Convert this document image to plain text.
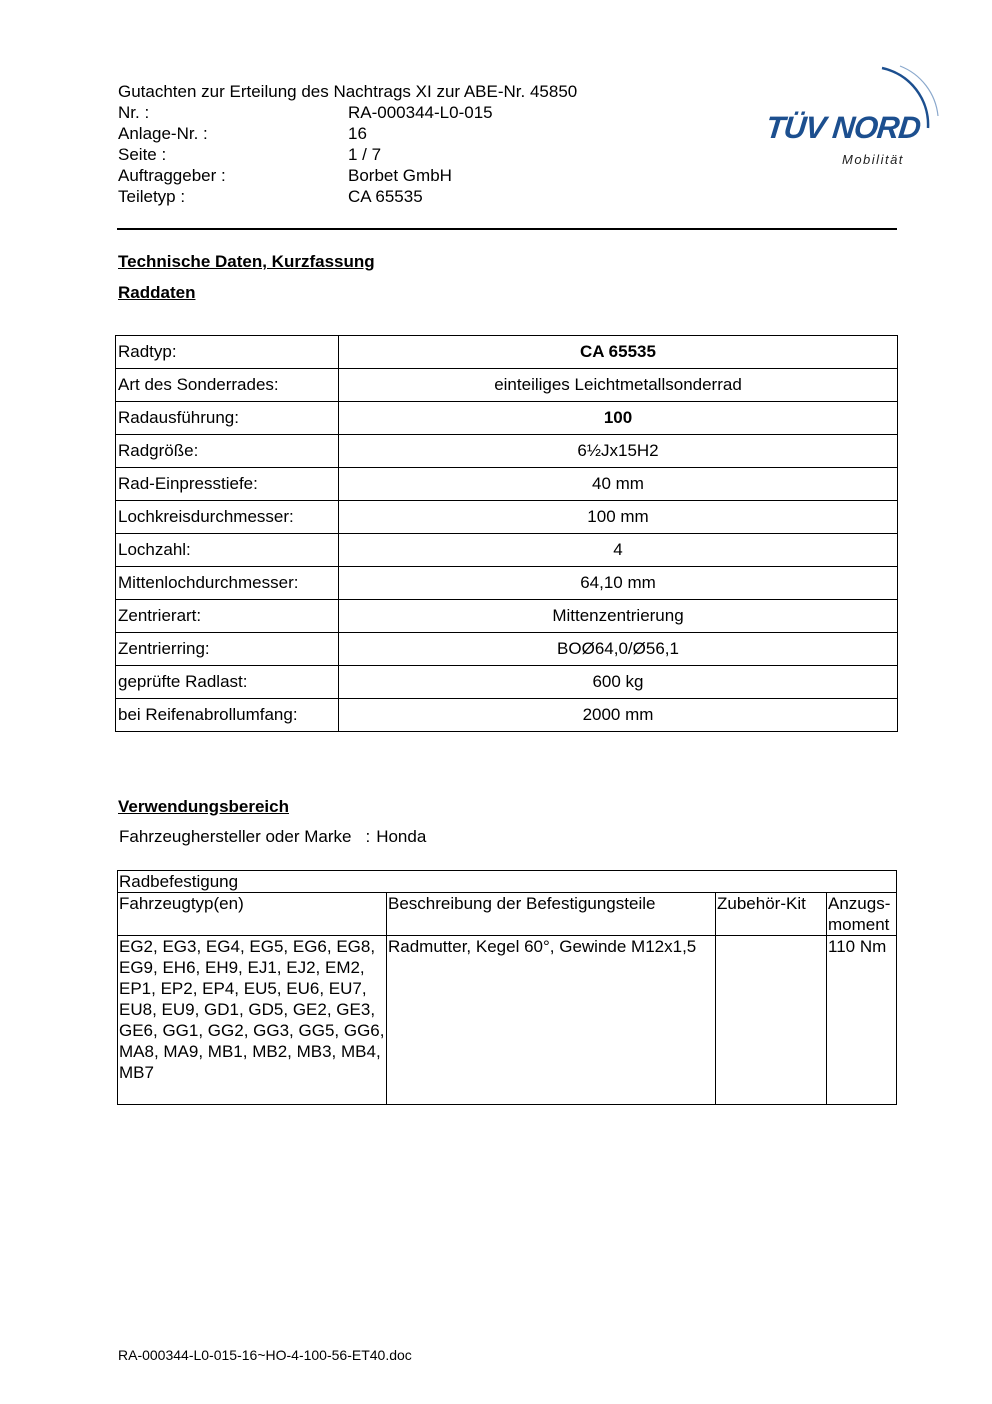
Gutachten zur Erteilung des Nachtrags XI zur ABE-Nr. 45850
Nr. :	RA-000344-L0-015
Anlage-Nr. :	16
Seite :	1 / 7
Auftraggeber :	Borbet GmbH
Teiletyp :	CA 65535
TÜV NORD
Mobilität
Technische Daten, Kurzfassung
Raddaten
Radtyp:	CA 65535
Art des Sonderrades:	einteiliges Leichtmetallsonderrad
Radausführung:	100
Radgröße:	6½Jx15H2
Rad-Einpresstiefe:	40 mm
Lochkreisdurchmesser:	100 mm
Lochzahl:	4
Mittenlochdurchmesser:	64,10 mm
Zentrierart:	Mittenzentrierung
Zentrierring:	BOØ64,0/Ø56,1
geprüfte Radlast:	600 kg
bei Reifenabrollumfang:	2000 mm
Verwendungsbereich
Fahrzeughersteller oder Marke : Honda
Radbefestigung			
Fahrzeugtyp(en)	Beschreibung der Befestigungsteile	Zubehör-Kit	Anzugs-moment
EG2, EG3, EG4, EG5, EG6, EG8, EG9, EH6, EH9, EJ1, EJ2, EM2, EP1, EP2, EP4, EU5, EU6, EU7, EU8, EU9, GD1, GD5, GE2, GE3, GE6, GG1, GG2, GG3, GG5, GG6, MA8, MA9, MB1, MB2, MB3, MB4, MB7	Radmutter, Kegel 60°, Gewinde M12x1,5		110 Nm
RA-000344-L0-015-16~HO-4-100-56-ET40.doc
